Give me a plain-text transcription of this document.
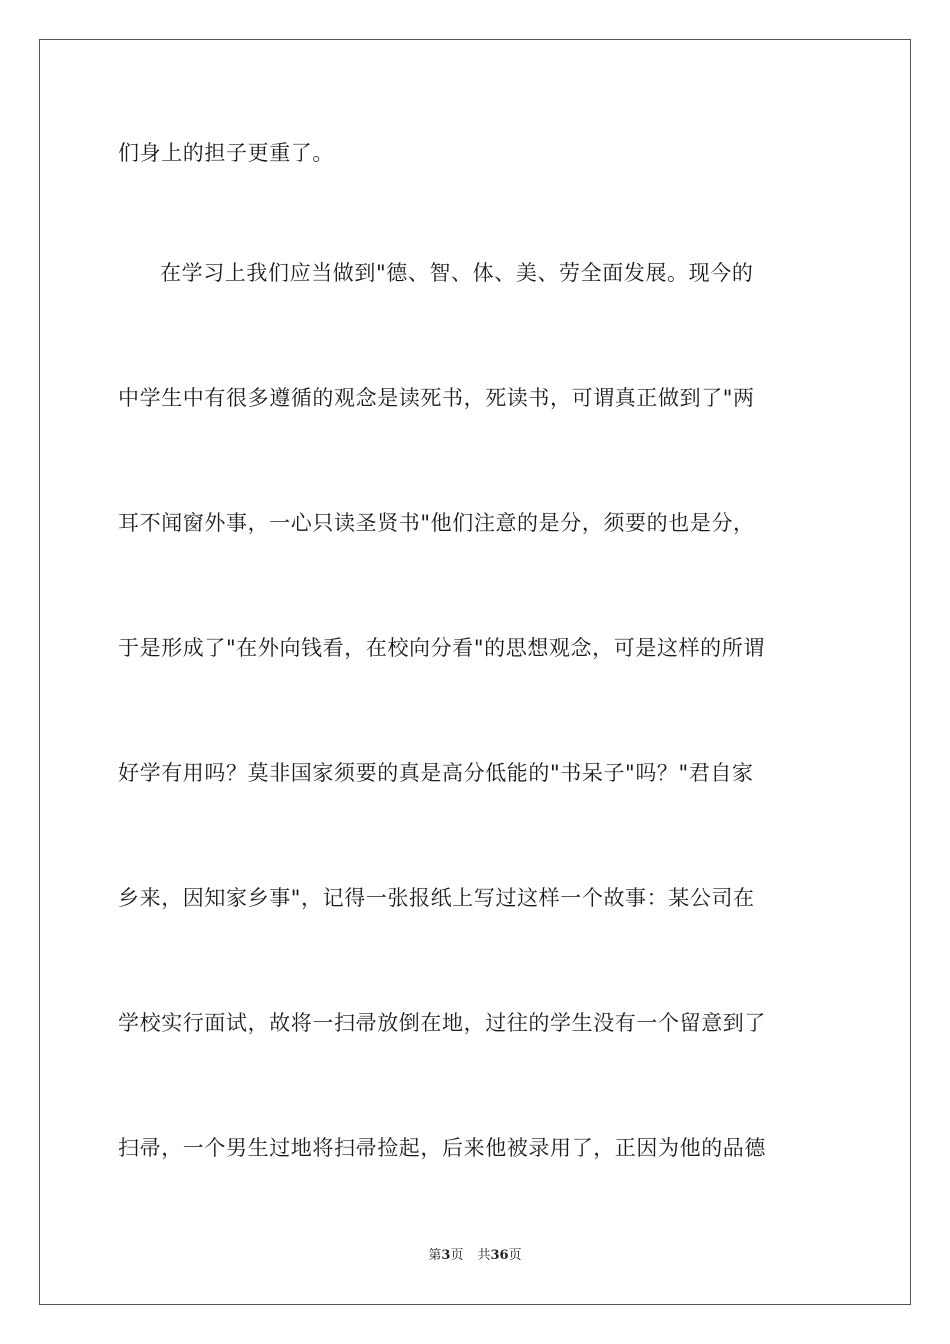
们身上的担子更重了。
在学习上我们应当做到"德、智、体、美、劳全面发展。现今的
中学生中有很多遵循的观念是读死书，死读书，可谓真正做到了"两
耳不闻窗外事，一心只读圣贤书"他们注意的是分，须要的也是分，
于是形成了"在外向钱看，在校向分看"的思想观念，可是这样的所谓
好学有用吗？莫非国家须要的真是高分低能的"书呆子"吗？"君自家
乡来，因知家乡事"，记得一张报纸上写过这样一个故事：某公司在
学校实行面试，故将一扫帚放倒在地，过往的学生没有一个留意到了
扫帚，一个男生过地将扫帚捡起，后来他被录用了，正因为他的品德
第3页 共36页
